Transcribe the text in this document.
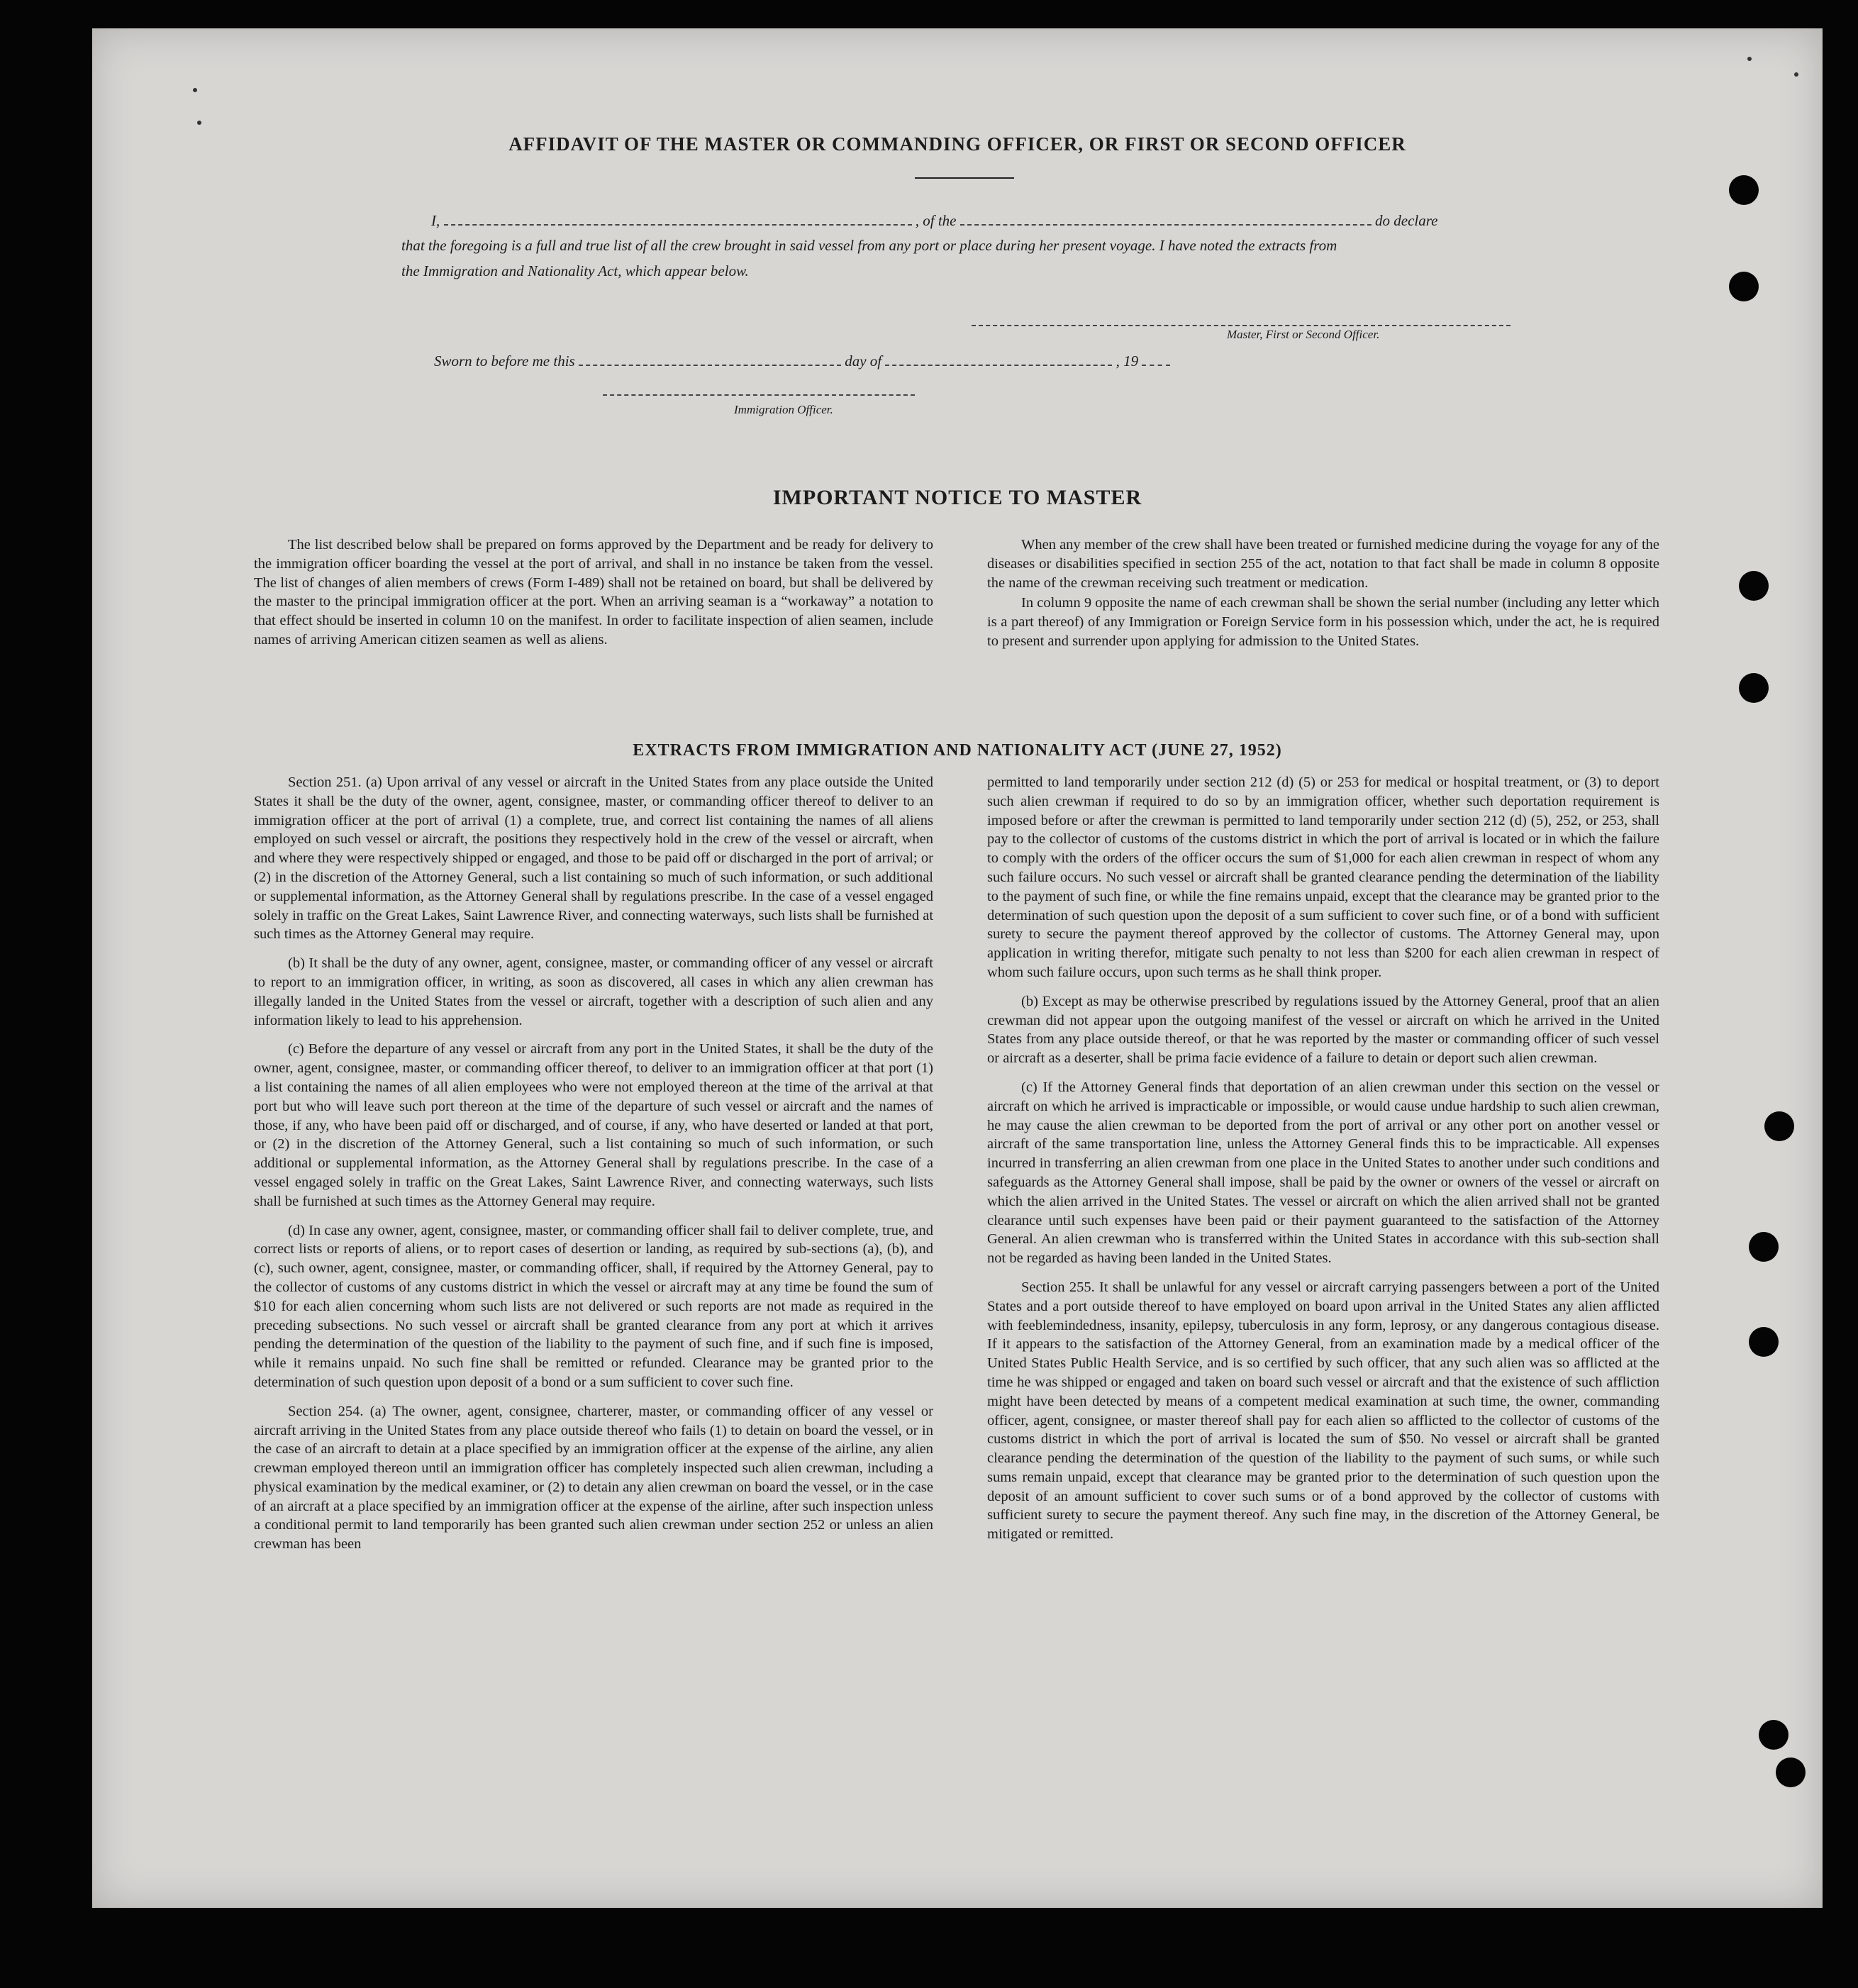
AFFIDAVIT OF THE MASTER OR COMMANDING OFFICER, OR FIRST OR SECOND OFFICER
I,	, of the	do declare
that the foregoing is a full and true list of all the crew brought in said vessel from any port or place during her present voyage. I have noted the extracts from
the Immigration and Nationality Act, which appear below.
Master, First or Second Officer.
Sworn to before me this	day of	, 19
Immigration Officer.
IMPORTANT NOTICE TO MASTER

The list described below shall be prepared on forms approved by the Department and be ready for delivery to the immigration officer boarding the vessel at the port of arrival, and shall in no instance be taken from the vessel. The list of changes of alien members of crews (Form I-489) shall not be retained on board, but shall be delivered by the master to the principal immigration officer at the port. When an arriving seaman is a “workaway” a notation to that effect should be inserted in column 10 on the manifest. In order to facilitate inspection of alien seamen, include names of arriving American citizen seamen as well as aliens.

When any member of the crew shall have been treated or furnished medicine during the voyage for any of the diseases or disabilities specified in section 255 of the act, notation to that fact shall be made in column 8 opposite the name of the crewman receiving such treatment or medication.

In column 9 opposite the name of each crewman shall be shown the serial number (including any letter which is a part thereof) of any Immigration or Foreign Service form in his possession which, under the act, he is required to present and surrender upon applying for admission to the United States.

EXTRACTS FROM IMMIGRATION AND NATIONALITY ACT (JUNE 27, 1952)

Section 251. (a) Upon arrival of any vessel or aircraft in the United States from any place outside the United States it shall be the duty of the owner, agent, consignee, master, or commanding officer thereof to deliver to an immigration officer at the port of arrival (1) a complete, true, and correct list containing the names of all aliens employed on such vessel or aircraft, the positions they respectively hold in the crew of the vessel or aircraft, when and where they were respectively shipped or engaged, and those to be paid off or discharged in the port of arrival; or (2) in the discretion of the Attorney General, such a list containing so much of such information, or such additional or supplemental information, as the Attorney General shall by regulations prescribe. In the case of a vessel engaged solely in traffic on the Great Lakes, Saint Lawrence River, and connecting waterways, such lists shall be furnished at such times as the Attorney General may require.

(b) It shall be the duty of any owner, agent, consignee, master, or commanding officer of any vessel or aircraft to report to an immigration officer, in writing, as soon as discovered, all cases in which any alien crewman has illegally landed in the United States from the vessel or aircraft, together with a description of such alien and any information likely to lead to his apprehension.

(c) Before the departure of any vessel or aircraft from any port in the United States, it shall be the duty of the owner, agent, consignee, master, or commanding officer thereof, to deliver to an immigration officer at that port (1) a list containing the names of all alien employees who were not employed thereon at the time of the arrival at that port but who will leave such port thereon at the time of the departure of such vessel or aircraft and the names of those, if any, who have been paid off or discharged, and of course, if any, who have deserted or landed at that port, or (2) in the discretion of the Attorney General, such a list containing so much of such information, or such additional or supplemental information, as the Attorney General shall by regulations prescribe. In the case of a vessel engaged solely in traffic on the Great Lakes, Saint Lawrence River, and connecting waterways, such lists shall be furnished at such times as the Attorney General may require.

(d) In case any owner, agent, consignee, master, or commanding officer shall fail to deliver complete, true, and correct lists or reports of aliens, or to report cases of desertion or landing, as required by sub-sections (a), (b), and (c), such owner, agent, consignee, master, or commanding officer, shall, if required by the Attorney General, pay to the collector of customs of any customs district in which the vessel or aircraft may at any time be found the sum of $10 for each alien concerning whom such lists are not delivered or such reports are not made as required in the preceding subsections. No such vessel or aircraft shall be granted clearance from any port at which it arrives pending the determination of the question of the liability to the payment of such fine, and if such fine is imposed, while it remains unpaid. No such fine shall be remitted or refunded. Clearance may be granted prior to the determination of such question upon deposit of a bond or a sum sufficient to cover such fine.

Section 254. (a) The owner, agent, consignee, charterer, master, or commanding officer of any vessel or aircraft arriving in the United States from any place outside thereof who fails (1) to detain on board the vessel, or in the case of an aircraft to detain at a place specified by an immigration officer at the expense of the airline, any alien crewman employed thereon until an immigration officer has completely inspected such alien crewman, including a physical examination by the medical examiner, or (2) to detain any alien crewman on board the vessel, or in the case of an aircraft at a place specified by an immigration officer at the expense of the airline, after such inspection unless a conditional permit to land temporarily has been granted such alien crewman under section 252 or unless an alien crewman has been

permitted to land temporarily under section 212 (d) (5) or 253 for medical or hospital treatment, or (3) to deport such alien crewman if required to do so by an immigration officer, whether such deportation requirement is imposed before or after the crewman is permitted to land temporarily under section 212 (d) (5), 252, or 253, shall pay to the collector of customs of the customs district in which the port of arrival is located or in which the failure to comply with the orders of the officer occurs the sum of $1,000 for each alien crewman in respect of whom any such failure occurs. No such vessel or aircraft shall be granted clearance pending the determination of the liability to the payment of such fine, or while the fine remains unpaid, except that the clearance may be granted prior to the determination of such question upon the deposit of a sum sufficient to cover such fine, or of a bond with sufficient surety to secure the payment thereof approved by the collector of customs. The Attorney General may, upon application in writing therefor, mitigate such penalty to not less than $200 for each alien crewman in respect of whom such failure occurs, upon such terms as he shall think proper.

(b) Except as may be otherwise prescribed by regulations issued by the Attorney General, proof that an alien crewman did not appear upon the outgoing manifest of the vessel or aircraft on which he arrived in the United States from any place outside thereof, or that he was reported by the master or commanding officer of such vessel or aircraft as a deserter, shall be prima facie evidence of a failure to detain or deport such alien crewman.

(c) If the Attorney General finds that deportation of an alien crewman under this section on the vessel or aircraft on which he arrived is impracticable or impossible, or would cause undue hardship to such alien crewman, he may cause the alien crewman to be deported from the port of arrival or any other port on another vessel or aircraft of the same transportation line, unless the Attorney General finds this to be impracticable. All expenses incurred in transferring an alien crewman from one place in the United States to another under such conditions and safeguards as the Attorney General shall impose, shall be paid by the owner or owners of the vessel or aircraft on which the alien arrived in the United States. The vessel or aircraft on which the alien arrived shall not be granted clearance until such expenses have been paid or their payment guaranteed to the satisfaction of the Attorney General. An alien crewman who is transferred within the United States in accordance with this sub-section shall not be regarded as having been landed in the United States.

Section 255. It shall be unlawful for any vessel or aircraft carrying passengers between a port of the United States and a port outside thereof to have employed on board upon arrival in the United States any alien afflicted with feeblemindedness, insanity, epilepsy, tuberculosis in any form, leprosy, or any dangerous contagious disease. If it appears to the satisfaction of the Attorney General, from an examination made by a medical officer of the United States Public Health Service, and is so certified by such officer, that any such alien was so afflicted at the time he was shipped or engaged and taken on board such vessel or aircraft and that the existence of such affliction might have been detected by means of a competent medical examination at such time, the owner, commanding officer, agent, consignee, or master thereof shall pay for each alien so afflicted to the collector of customs of the customs district in which the port of arrival is located the sum of $50. No vessel or aircraft shall be granted clearance pending the determination of the question of the liability to the payment of such sums, or while such sums remain unpaid, except that clearance may be granted prior to the determination of such question upon the deposit of an amount sufficient to cover such sums or of a bond approved by the collector of customs with sufficient surety to secure the payment thereof. Any such fine may, in the discretion of the Attorney General, be mitigated or remitted.
